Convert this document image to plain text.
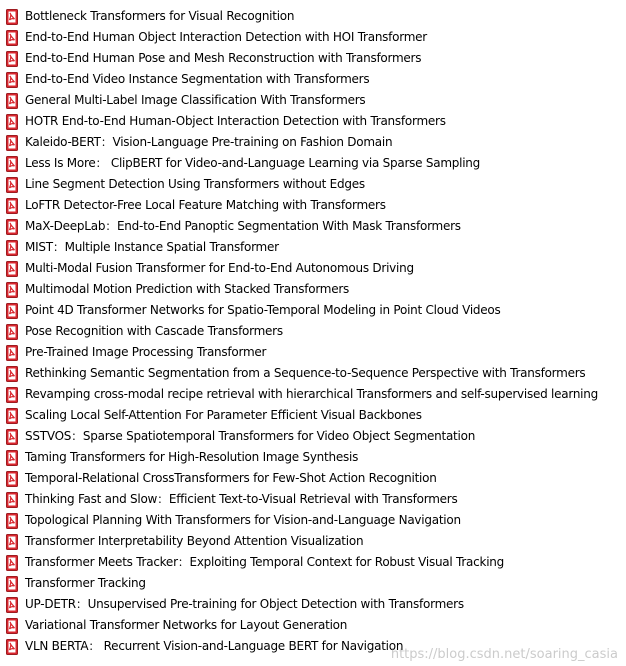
Bottleneck Transformers for Visual Recognition
End-to-End Human Object Interaction Detection with HOI Transformer
End-to-End Human Pose and Mesh Reconstruction with Transformers
End-to-End Video Instance Segmentation with Transformers
General Multi-Label Image Classification With Transformers
HOTR End-to-End Human-Object Interaction Detection with Transformers
Kaleido-BERT：Vision-Language Pre-training on Fashion Domain
Less Is More： ClipBERT for Video-and-Language Learning via Sparse Sampling
Line Segment Detection Using Transformers without Edges
LoFTR Detector-Free Local Feature Matching with Transformers
MaX-DeepLab：End-to-End Panoptic Segmentation With Mask Transformers
MIST：Multiple Instance Spatial Transformer
Multi-Modal Fusion Transformer for End-to-End Autonomous Driving
Multimodal Motion Prediction with Stacked Transformers
Point 4D Transformer Networks for Spatio-Temporal Modeling in Point Cloud Videos
Pose Recognition with Cascade Transformers
Pre-Trained Image Processing Transformer
Rethinking Semantic Segmentation from a Sequence-to-Sequence Perspective with Transformers
Revamping cross-modal recipe retrieval with hierarchical Transformers and self-supervised learning
Scaling Local Self-Attention For Parameter Efficient Visual Backbones
SSTVOS：Sparse Spatiotemporal Transformers for Video Object Segmentation
Taming Transformers for High-Resolution Image Synthesis
Temporal-Relational CrossTransformers for Few-Shot Action Recognition
Thinking Fast and Slow：Efficient Text-to-Visual Retrieval with Transformers
Topological Planning With Transformers for Vision-and-Language Navigation
Transformer Interpretability Beyond Attention Visualization
Transformer Meets Tracker：Exploiting Temporal Context for Robust Visual Tracking
Transformer Tracking
UP-DETR：Unsupervised Pre-training for Object Detection with Transformers
Variational Transformer Networks for Layout Generation
VLN BERTA： Recurrent Vision-and-Language BERT for Navigation
https://blog.csdn.net/soaring_casia
